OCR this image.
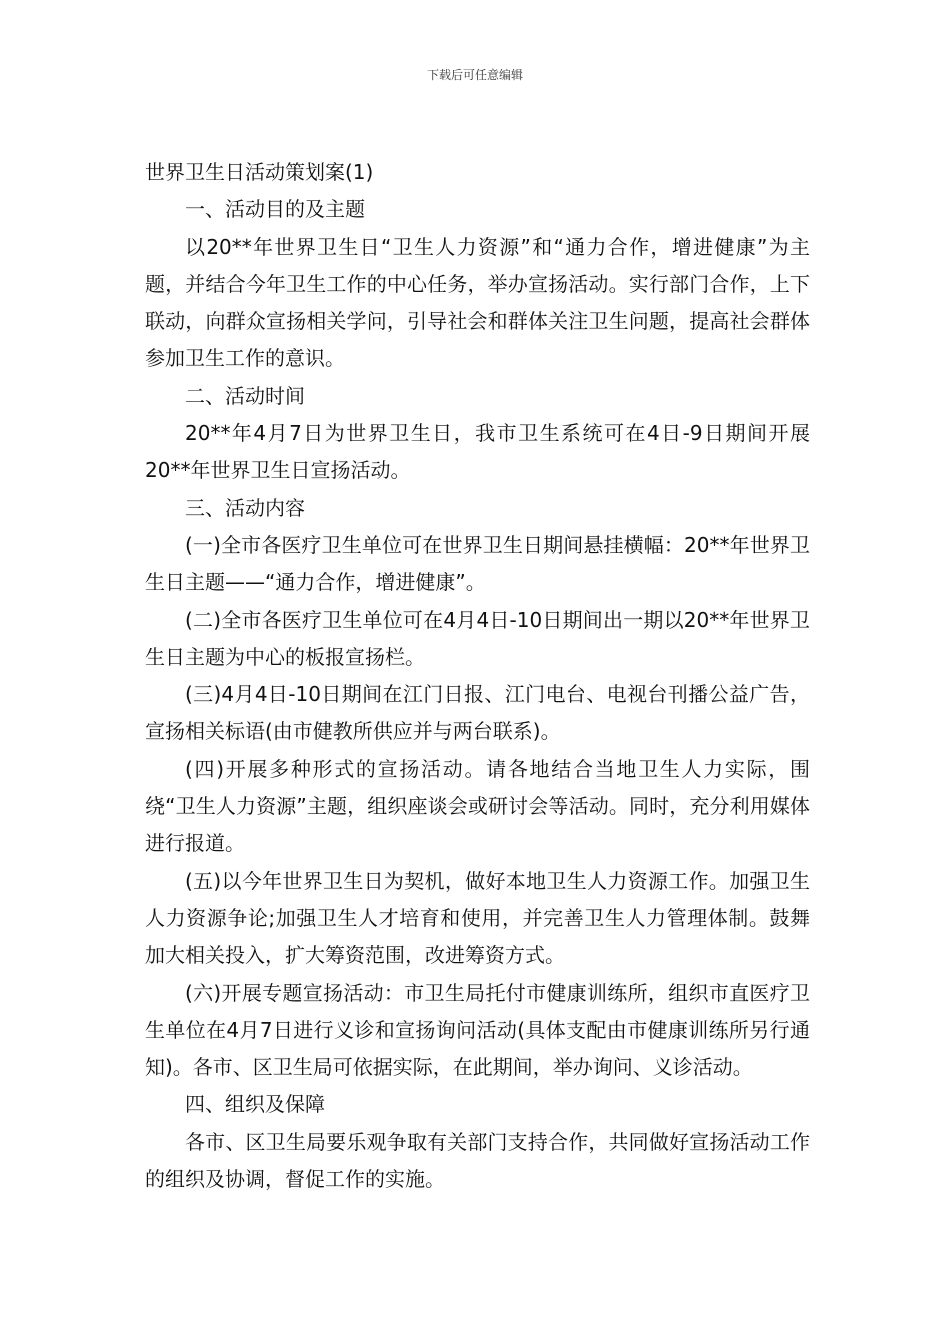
下载后可任意编辑

世界卫生日活动策划案(1)

一、活动目的及主题

以20**年世界卫生日“卫生人力资源”和“通力合作，增进健康”为主题，并结合今年卫生工作的中心任务，举办宣扬活动。实行部门合作，上下联动，向群众宣扬相关学问，引导社会和群体关注卫生问题，提高社会群体参加卫生工作的意识。

二、活动时间

20**年4月7日为世界卫生日，我市卫生系统可在4日-9日期间开展20**年世界卫生日宣扬活动。

三、活动内容

(一)全市各医疗卫生单位可在世界卫生日期间悬挂横幅：20**年世界卫生日主题——“通力合作，增进健康”。

(二)全市各医疗卫生单位可在4月4日-10日期间出一期以20**年世界卫生日主题为中心的板报宣扬栏。

(三)4月4日-10日期间在江门日报、江门电台、电视台刊播公益广告，宣扬相关标语(由市健教所供应并与两台联系)。

(四)开展多种形式的宣扬活动。请各地结合当地卫生人力实际，围绕“卫生人力资源”主题，组织座谈会或研讨会等活动。同时，充分利用媒体进行报道。

(五)以今年世界卫生日为契机，做好本地卫生人力资源工作。加强卫生人力资源争论;加强卫生人才培育和使用，并完善卫生人力管理体制。鼓舞加大相关投入，扩大筹资范围，改进筹资方式。

(六)开展专题宣扬活动：市卫生局托付市健康训练所，组织市直医疗卫生单位在4月7日进行义诊和宣扬询问活动(具体支配由市健康训练所另行通知)。各市、区卫生局可依据实际，在此期间，举办询问、义诊活动。

四、组织及保障

各市、区卫生局要乐观争取有关部门支持合作，共同做好宣扬活动工作的组织及协调，督促工作的实施。
